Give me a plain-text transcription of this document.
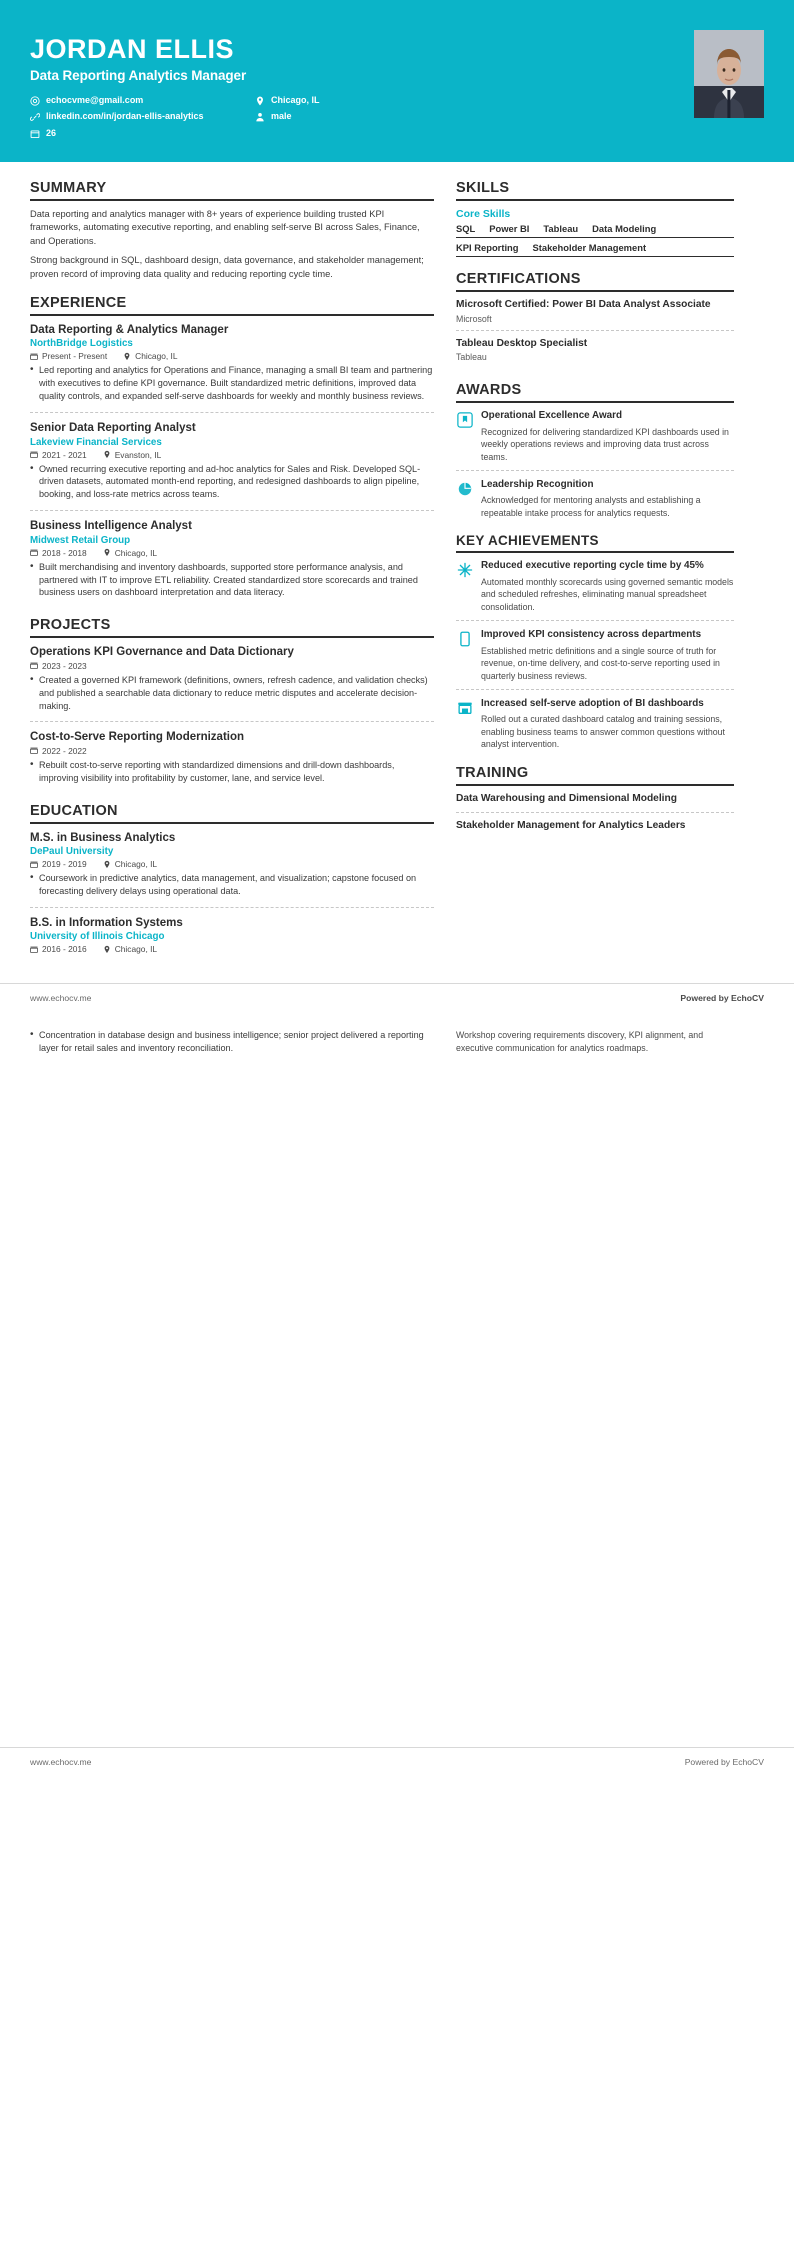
JORDAN ELLIS
Data Reporting Analytics Manager
echocvme@gmail.com
linkedin.com/in/jordan-ellis-analytics
26
Chicago, IL
male
SUMMARY

Data reporting and analytics manager with 8+ years of experience building trusted KPI frameworks, automating executive reporting, and enabling self-serve BI across Sales, Finance, and Operations.

Strong background in SQL, dashboard design, data governance, and stakeholder management; proven record of improving data quality and reducing reporting cycle time.

EXPERIENCE
Data Reporting & Analytics Manager
NorthBridge Logistics
Present - Present	Chicago, IL
• Led reporting and analytics for Operations and Finance, managing a small BI team and partnering with executives to define KPI governance. Built standardized metric definitions, improved data quality controls, and expanded self-serve dashboards for weekly and monthly business reviews.
Senior Data Reporting Analyst
Lakeview Financial Services
2021 - 2021	Evanston, IL
• Owned recurring executive reporting and ad-hoc analytics for Sales and Risk. Developed SQL-driven datasets, automated month-end reporting, and redesigned dashboards to align pipeline, booking, and loss-rate metrics across teams.
Business Intelligence Analyst
Midwest Retail Group
2018 - 2018	Chicago, IL
• Built merchandising and inventory dashboards, supported store performance analysis, and partnered with IT to improve ETL reliability. Created standardized store scorecards and trained business users on dashboard interpretation and data literacy.
PROJECTS
Operations KPI Governance and Data Dictionary
2023 - 2023
• Created a governed KPI framework (definitions, owners, refresh cadence, and validation checks) and published a searchable data dictionary to reduce metric disputes and accelerate decision-making.
Cost-to-Serve Reporting Modernization
2022 - 2022
• Rebuilt cost-to-serve reporting with standardized dimensions and drill-down dashboards, improving visibility into profitability by customer, lane, and service level.
EDUCATION
M.S. in Business Analytics
DePaul University
2019 - 2019	Chicago, IL
• Coursework in predictive analytics, data management, and visualization; capstone focused on forecasting delivery delays using operational data.
B.S. in Information Systems
University of Illinois Chicago
2016 - 2016	Chicago, IL
SKILLS
Core Skills
SQL Power BI Tableau Data Modeling
KPI Reporting Stakeholder Management
CERTIFICATIONS
Microsoft Certified: Power BI Data Analyst Associate
Microsoft
Tableau Desktop Specialist
Tableau
AWARDS
Operational Excellence Award
Recognized for delivering standardized KPI dashboards used in weekly operations reviews and improving data trust across teams.
Leadership Recognition
Acknowledged for mentoring analysts and establishing a repeatable intake process for analytics requests.
KEY ACHIEVEMENTS
Reduced executive reporting cycle time by 45%
Automated monthly scorecards using governed semantic models and scheduled refreshes, eliminating manual spreadsheet consolidation.
Improved KPI consistency across departments
Established metric definitions and a single source of truth for revenue, on-time delivery, and cost-to-serve reporting used in quarterly business reviews.
Increased self-serve adoption of BI dashboards
Rolled out a curated dashboard catalog and training sessions, enabling business teams to answer common questions without analyst intervention.
TRAINING
Data Warehousing and Dimensional Modeling
Stakeholder Management for Analytics Leaders
www.echocv.me	Powered by EchoCV
• Concentration in database design and business intelligence; senior project delivered a reporting layer for retail sales and inventory reconciliation.
Workshop covering requirements discovery, KPI alignment, and executive communication for analytics roadmaps.
www.echocv.me	Powered by EchoCV
